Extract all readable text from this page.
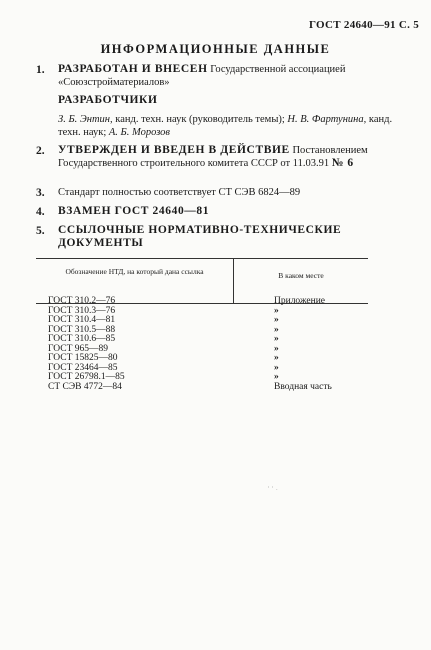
ГОСТ 24640—91 С. 5
ИНФОРМАЦИОННЫЕ ДАННЫЕ
1. РАЗРАБОТАН И ВНЕСЕН Государственной ассоциацией «Союзстройматериалов»
РАЗРАБОТЧИКИ
З. Б. Энтин, канд. техн. наук (руководитель темы); Н. В. Фартунина, канд. техн. наук; А. Б. Морозов
2. УТВЕРЖДЕН И ВВЕДЕН В ДЕЙСТВИЕ Постановлением Государственного строительного комитета СССР от 11.03.91 № 6
3. Стандарт полностью соответствует СТ СЭВ 6824—89
4. ВЗАМЕН ГОСТ 24640—81
5. ССЫЛОЧНЫЕ НОРМАТИВНО-ТЕХНИЧЕСКИЕ ДОКУМЕНТЫ
Обозначение НТД, на который дана ссылка	В каком месте
ГОСТ 310.2—76	Приложение
ГОСТ 310.3—76	»
ГОСТ 310.4—81	»
ГОСТ 310.5—88	»
ГОСТ 310.6—85	»
ГОСТ 965—89	»
ГОСТ 15825—80	»
ГОСТ 23464—85	»
ГОСТ 26798.1—85	»
СТ СЭВ 4772—84	Вводная часть
' ' .
